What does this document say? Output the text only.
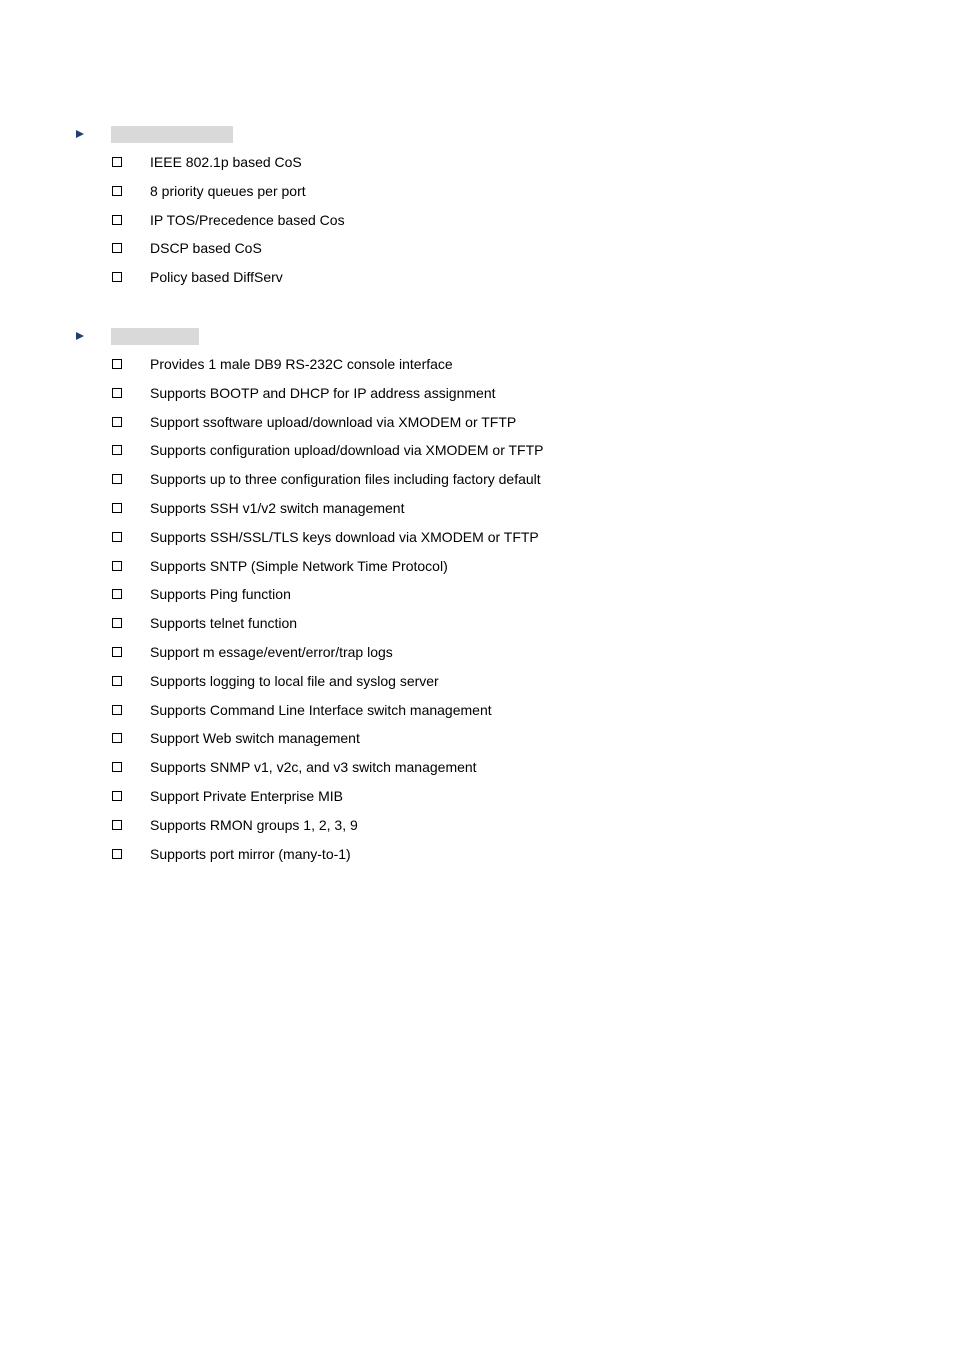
IEEE 802.1p based CoS
8 priority queues per port
IP TOS/Precedence based Cos
DSCP based CoS
Policy based DiffServ
Provides 1 male DB9 RS-232C console interface
Supports BOOTP and DHCP for IP address assignment
Support ssoftware upload/download via XMODEM or TFTP
Supports configuration upload/download via XMODEM or TFTP
Supports up to three configuration files including factory default
Supports SSH v1/v2 switch management
Supports SSH/SSL/TLS keys download via XMODEM or TFTP
Supports SNTP (Simple Network Time Protocol)
Supports Ping function
Supports telnet function
Support m essage/event/error/trap logs
Supports logging to local file and syslog server
Supports Command Line Interface switch management
Support Web switch management
Supports SNMP v1, v2c, and v3 switch management
Support Private Enterprise MIB
Supports RMON groups 1, 2, 3, 9
Supports port mirror (many-to-1)
